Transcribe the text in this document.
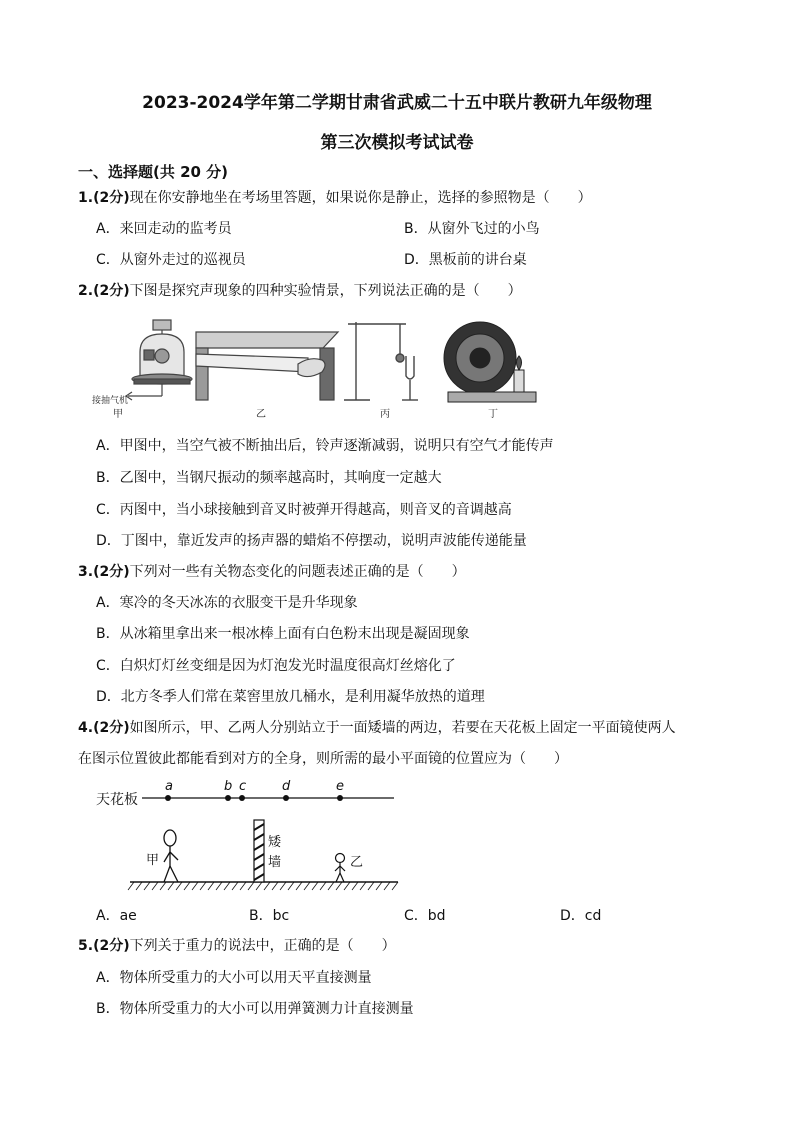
2023-2024学年第二学期甘肃省武威二十五中联片教研九年级物理
第三次模拟考试试卷
一、选择题(共 20 分)
1.(2分)现在你安静地坐在考场里答题，如果说你是静止，选择的参照物是（　　）
A．来回走动的监考员	B．从窗外飞过的小鸟
C．从窗外走过的巡视员	D．黑板前的讲台桌
2.(2分)下图是探究声现象的四种实验情景，下列说法正确的是（　　）
接抽气机
甲	乙	丙	丁
A．甲图中，当空气被不断抽出后，铃声逐渐减弱，说明只有空气才能传声
B．乙图中，当钢尺振动的频率越高时，其响度一定越大
C．丙图中，当小球接触到音叉时被弹开得越高，则音叉的音调越高
D．丁图中，靠近发声的扬声器的蜡焰不停摆动，说明声波能传递能量
3.(2分)下列对一些有关物态变化的问题表述正确的是（　　）
A．寒冷的冬天冰冻的衣服变干是升华现象
B．从冰箱里拿出来一根冰棒上面有白色粉末出现是凝固现象
C．白炽灯灯丝变细是因为灯泡发光时温度很高灯丝熔化了
D．北方冬季人们常在菜窖里放几桶水，是利用凝华放热的道理
4.(2分)如图所示，甲、乙两人分别站立于一面矮墙的两边，若要在天花板上固定一平面镜使两人
在图示位置彼此都能看到对方的全身，则所需的最小平面镜的位置应为（　　）
天花板
a	b c	d	e
矮
墙
甲	乙
A．ae	B．bc	C．bd	D．cd
5.(2分)下列关于重力的说法中，正确的是（　　）
A．物体所受重力的大小可以用天平直接测量
B．物体所受重力的大小可以用弹簧测力计直接测量
